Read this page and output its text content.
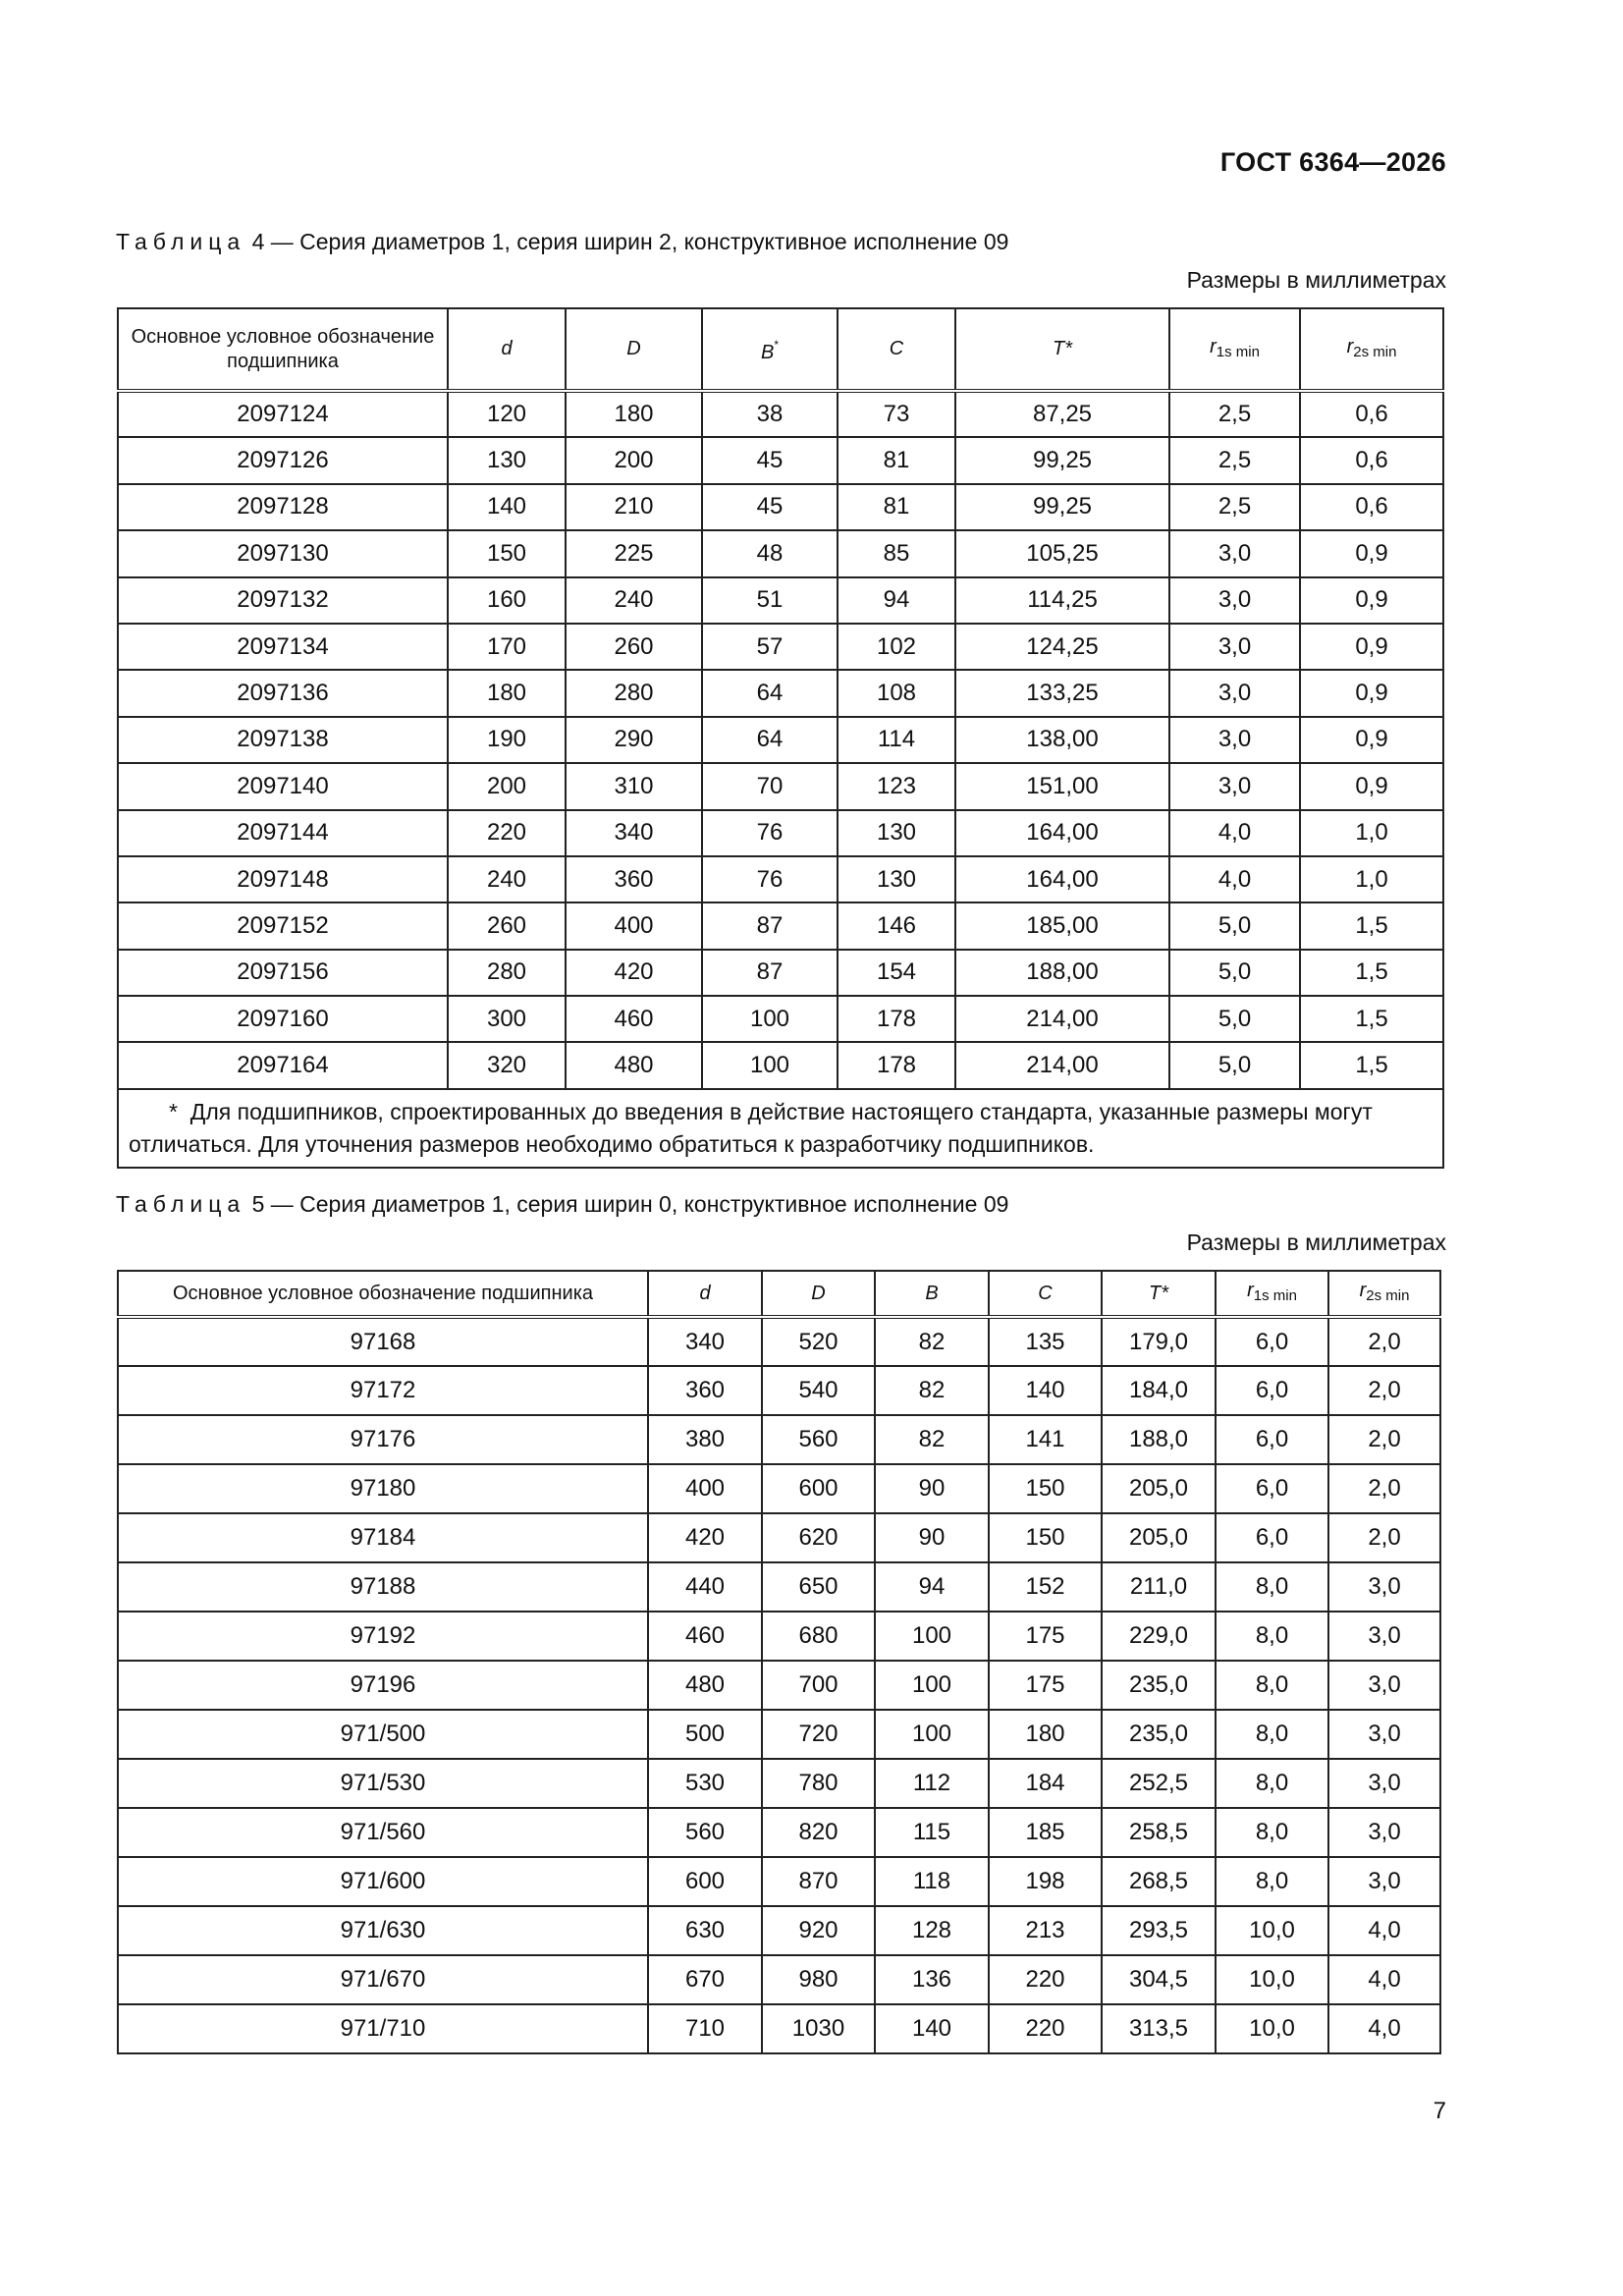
ГОСТ 6364—2026
Таблица 4 — Серия диаметров 1, серия ширин 2, конструктивное исполнение 09
Размеры в миллиметрах
Основное условное обозначение подшипника	d	D	B*	C	T*	$r_{1s min}$	$r_{2s min}$
2097124	120	180	38	73	87,25	2,5	0,6
2097126	130	200	45	81	99,25	2,5	0,6
2097128	140	210	45	81	99,25	2,5	0,6
2097130	150	225	48	85	105,25	3,0	0,9
2097132	160	240	51	94	114,25	3,0	0,9
2097134	170	260	57	102	124,25	3,0	0,9
2097136	180	280	64	108	133,25	3,0	0,9
2097138	190	290	64	114	138,00	3,0	0,9
2097140	200	310	70	123	151,00	3,0	0,9
2097144	220	340	76	130	164,00	4,0	1,0
2097148	240	360	76	130	164,00	4,0	1,0
2097152	260	400	87	146	185,00	5,0	1,5
2097156	280	420	87	154	188,00	5,0	1,5
2097160	300	460	100	178	214,00	5,0	1,5
2097164	320	480	100	178	214,00	5,0	1,5
* Для подшипников, спроектированных до введения в действие настоящего стандарта, указанные размеры могут отличаться. Для уточнения размеров необходимо обратиться к разработчику подшипников.							
Таблица 5 — Серия диаметров 1, серия ширин 0, конструктивное исполнение 09
Размеры в миллиметрах
Основное условное обозначение подшипника	d	D	B	C	T*	$r_{1s min}$	$r_{2s min}$
97168	340	520	82	135	179,0	6,0	2,0
97172	360	540	82	140	184,0	6,0	2,0
97176	380	560	82	141	188,0	6,0	2,0
97180	400	600	90	150	205,0	6,0	2,0
97184	420	620	90	150	205,0	6,0	2,0
97188	440	650	94	152	211,0	8,0	3,0
97192	460	680	100	175	229,0	8,0	3,0
97196	480	700	100	175	235,0	8,0	3,0
971/500	500	720	100	180	235,0	8,0	3,0
971/530	530	780	112	184	252,5	8,0	3,0
971/560	560	820	115	185	258,5	8,0	3,0
971/600	600	870	118	198	268,5	8,0	3,0
971/630	630	920	128	213	293,5	10,0	4,0
971/670	670	980	136	220	304,5	10,0	4,0
971/710	710	1030	140	220	313,5	10,0	4,0
7
